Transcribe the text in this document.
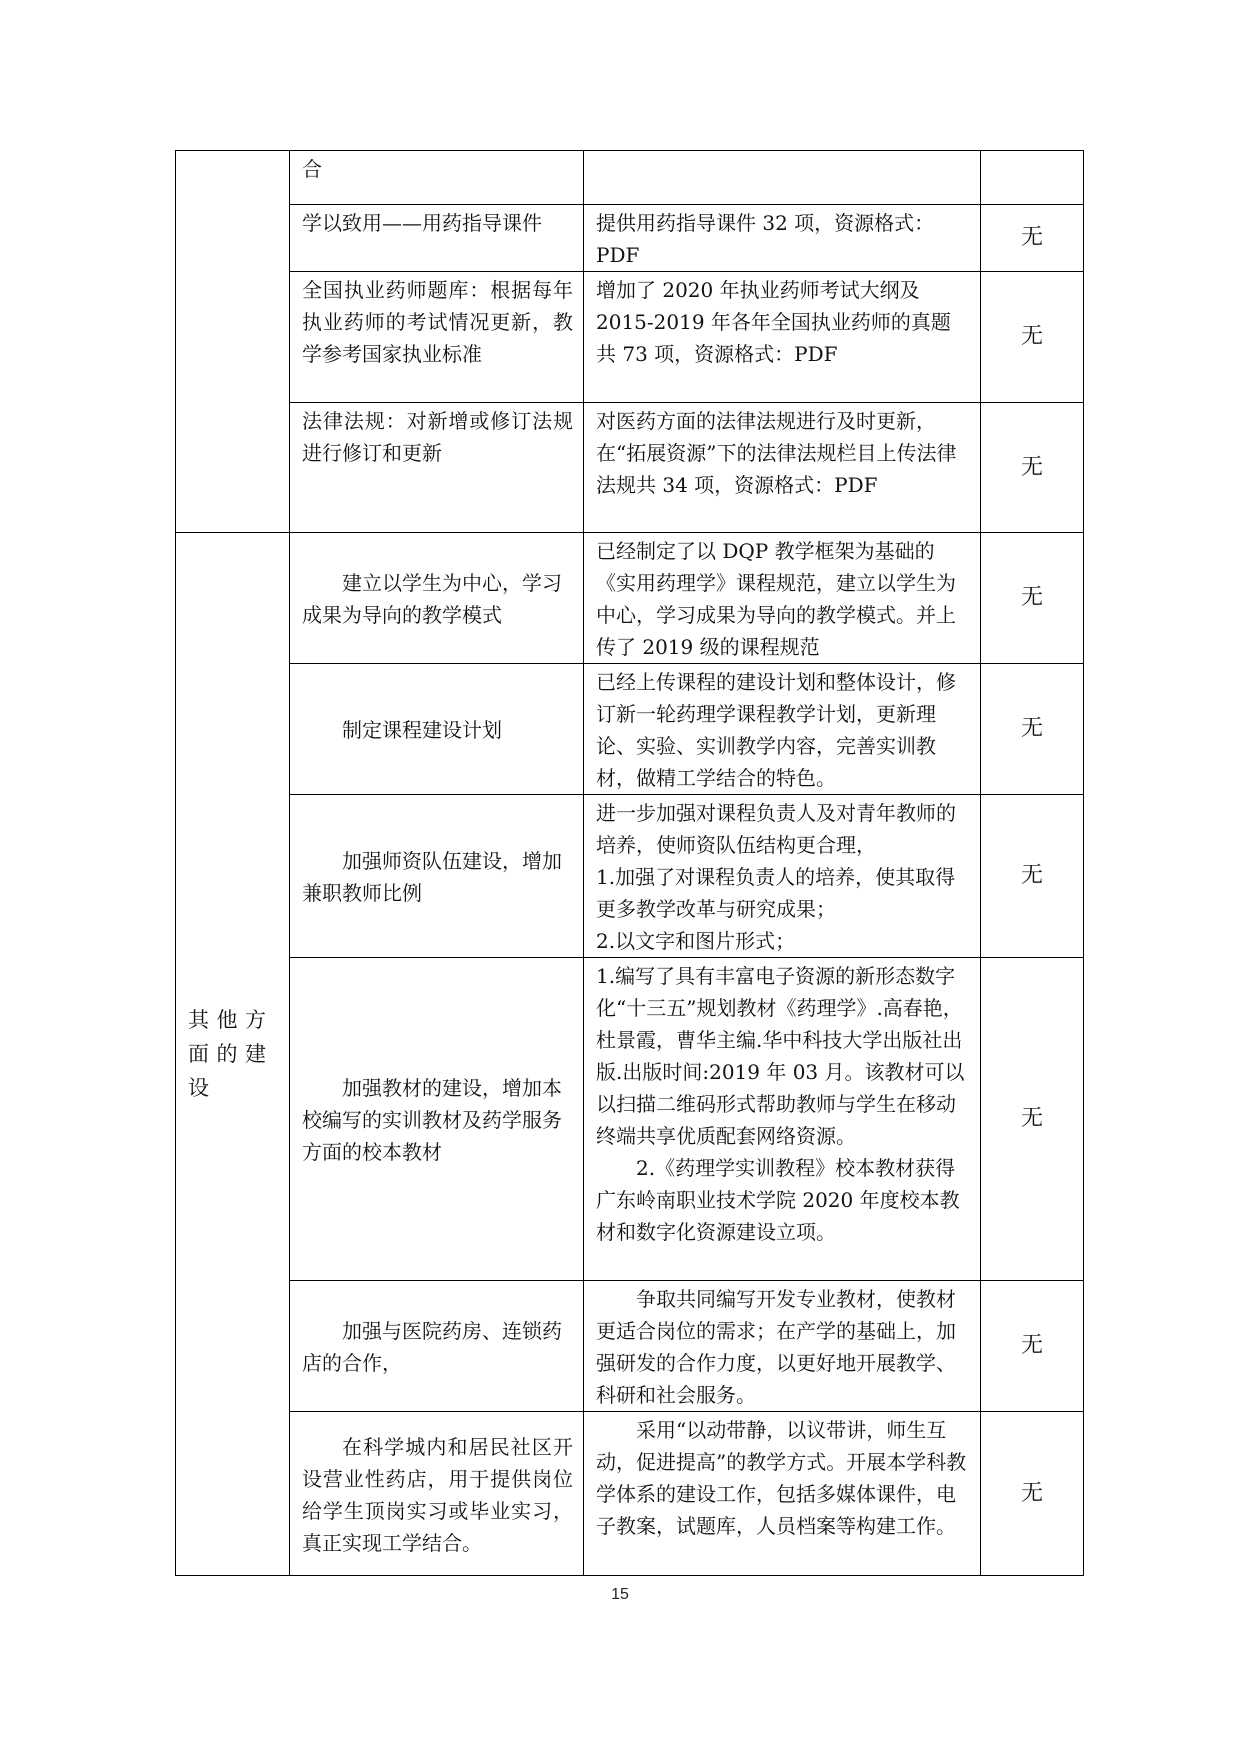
	合		
	学以致用——用药指导课件	提供用药指导课件 32 项，资源格式：PDF	无
	全国执业药师题库：根据每年执业药师的考试情况更新，教学参考国家执业标准	增加了 2020 年执业药师考试大纲及 2015-2019 年各年全国执业药师的真题共 73 项，资源格式：PDF	无
	法律法规：对新增或修订法规进行修订和更新	对医药方面的法律法规进行及时更新，在“拓展资源”下的法律法规栏目上传法律法规共 34 项，资源格式：PDF	无

其他方面的建设	建立以学生为中心，学习成果为导向的教学模式	已经制定了以 DQP 教学框架为基础的《实用药理学》课程规范，建立以学生为中心，学习成果为导向的教学模式。并上传了 2019 级的课程规范	无
	制定课程建设计划	已经上传课程的建设计划和整体设计，修订新一轮药理学课程教学计划，更新理论、实验、实训教学内容，完善实训教材，做精工学结合的特色。	无
	加强师资队伍建设，增加兼职教师比例	进一步加强对课程负责人及对青年教师的培养，使师资队伍结构更合理，

1.加强了对课程负责人的培养，使其取得更多教学改革与研究成果；

2.以文字和图片形式；	无
	加强教材的建设，增加本校编写的实训教材及药学服务方面的校本教材	1.编写了具有丰富电子资源的新形态数字化“十三五”规划教材《药理学》.高春艳，杜景霞，曹华主编.华中科技大学出版社出版.出版时间:2019 年 03 月。该教材可以以扫描二维码形式帮助教师与学生在移动终端共享优质配套网络资源。

2.《药理学实训教程》校本教材获得广东岭南职业技术学院 2020 年度校本教材和数字化资源建设立项。	无
	加强与医院药房、连锁药店的合作，	争取共同编写开发专业教材，使教材更适合岗位的需求；在产学的基础上，加强研发的合作力度，以更好地开展教学、科研和社会服务。	无
	在科学城内和居民社区开设营业性药店，用于提供岗位给学生顶岗实习或毕业实习，真正实现工学结合。	采用“以动带静，以议带讲，师生互动，促进提高”的教学方式。开展本学科教学体系的建设工作，包括多媒体课件，电子教案，试题库，人员档案等构建工作。	无
15
